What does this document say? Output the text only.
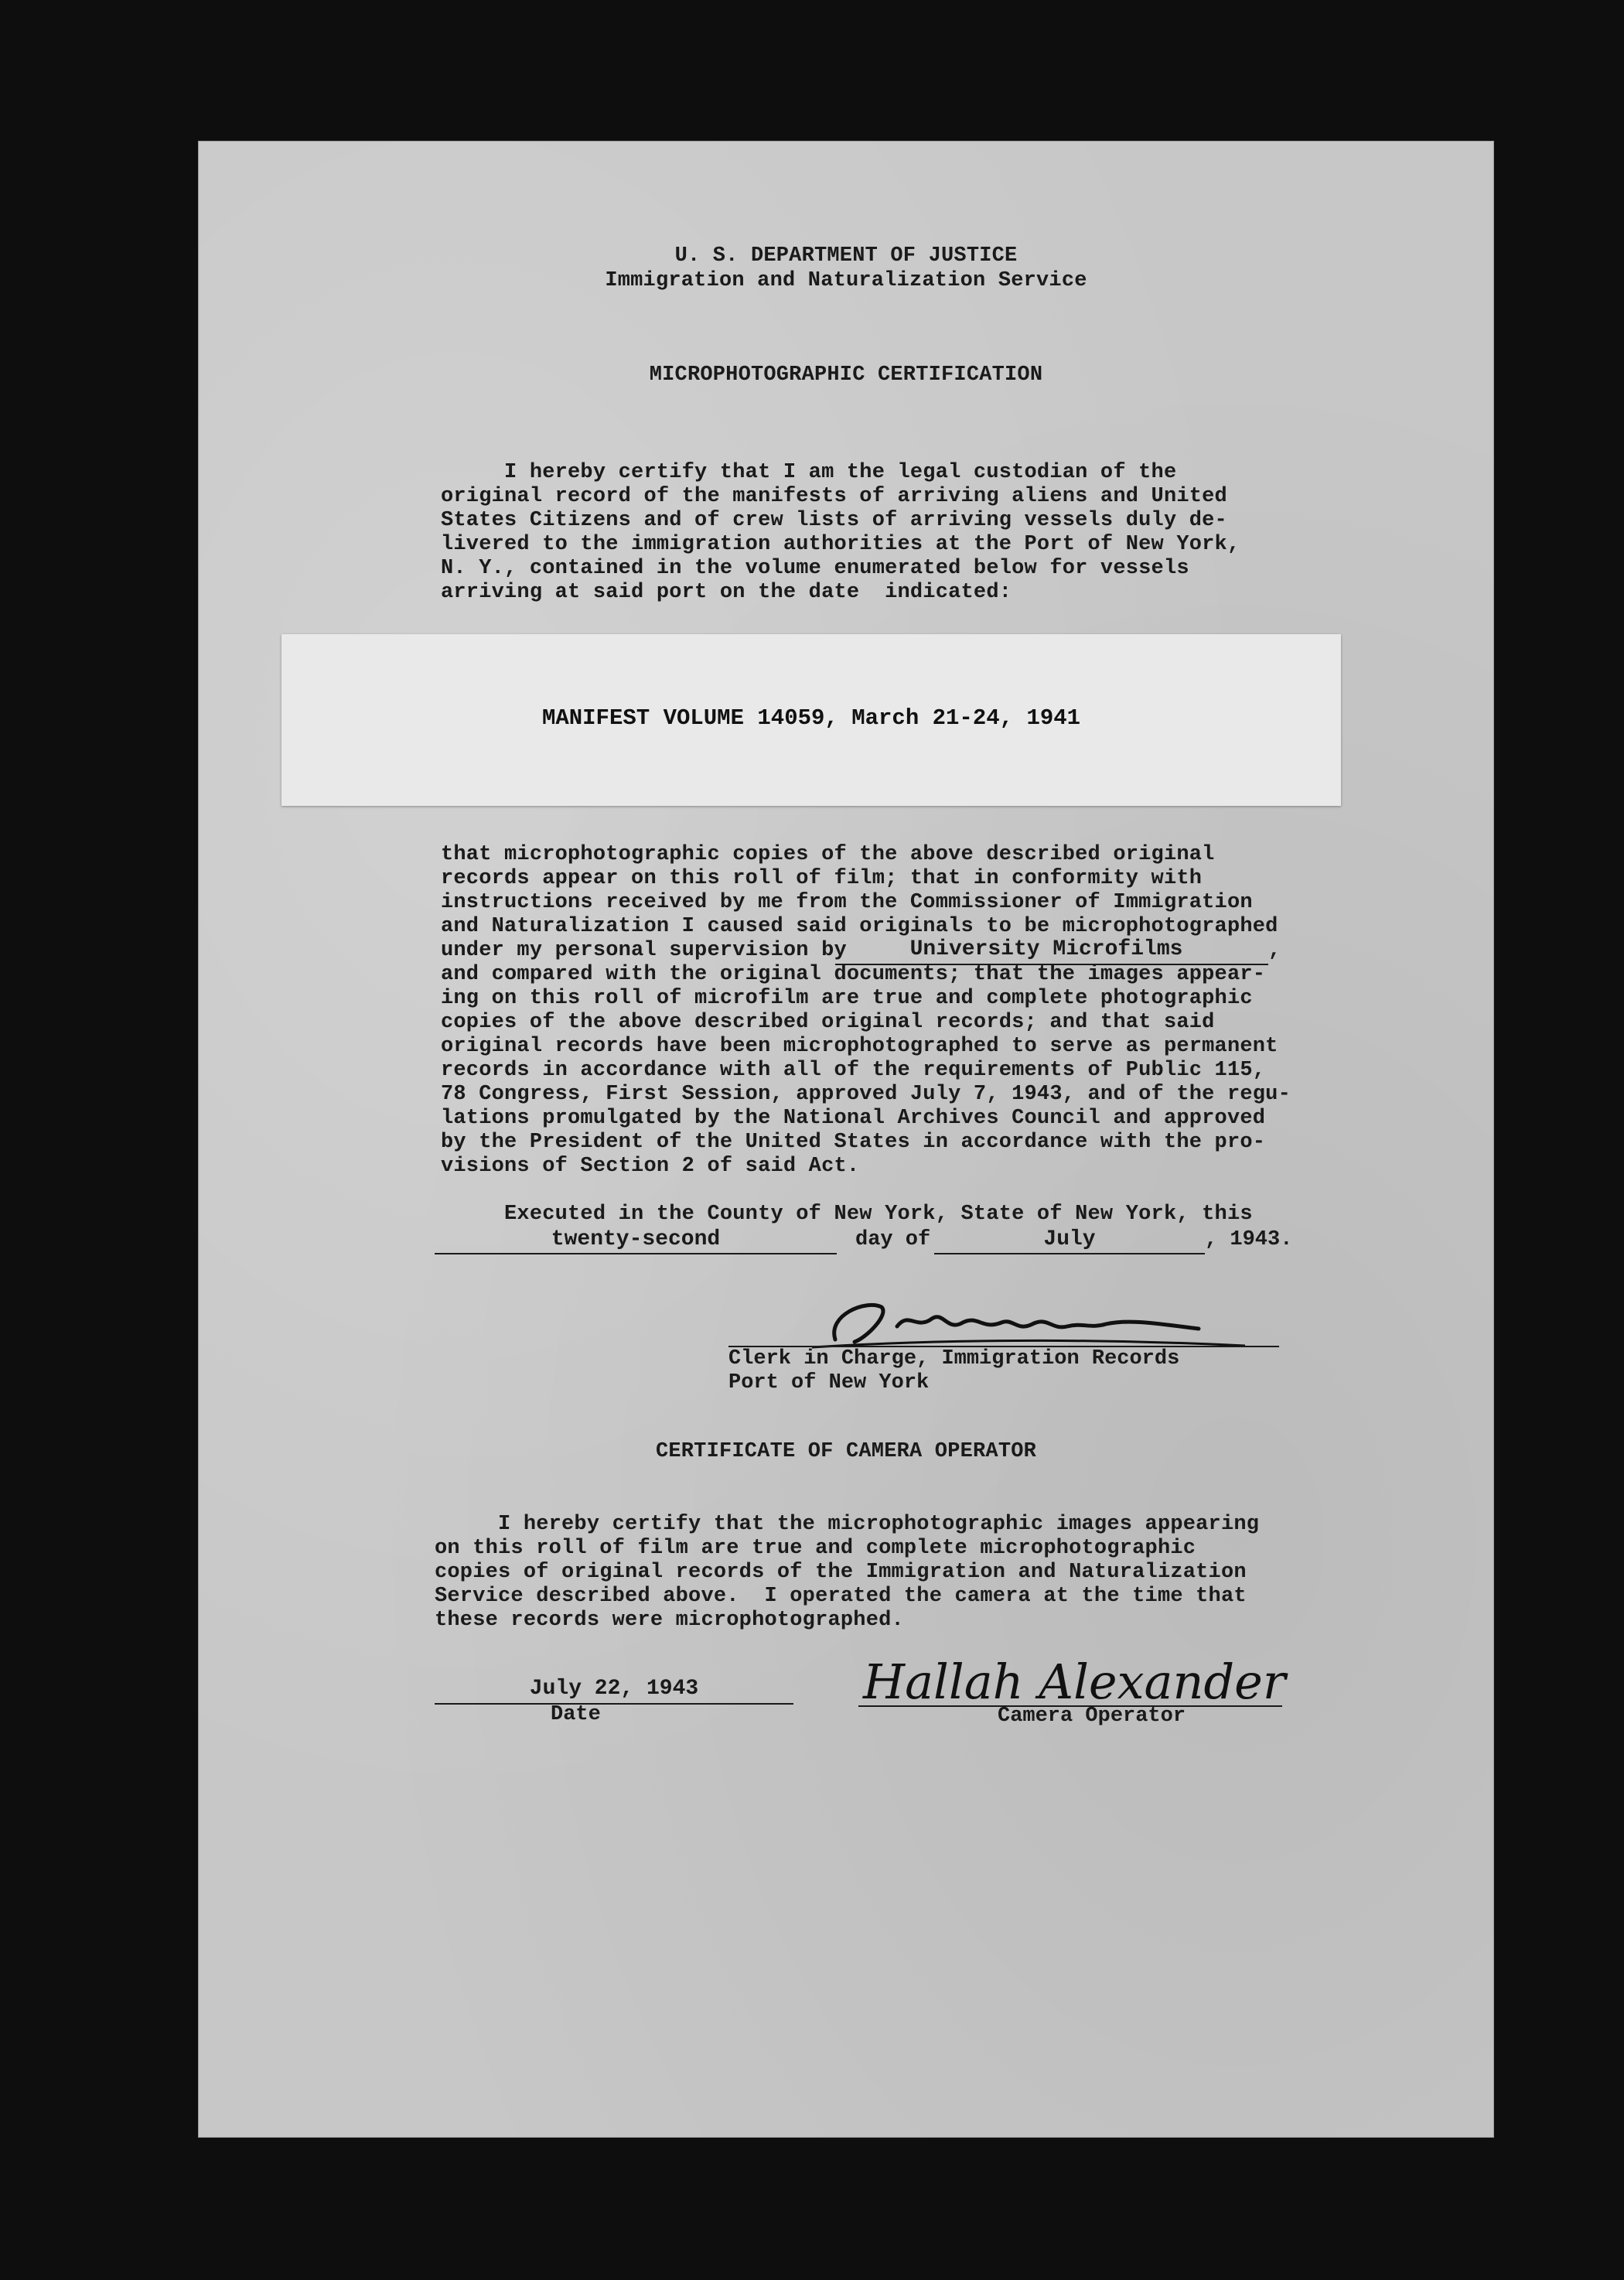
U. S. DEPARTMENT OF JUSTICE
Immigration and Naturalization Service
MICROPHOTOGRAPHIC CERTIFICATION
I hereby certify that I am the legal custodian of the
original record of the manifests of arriving aliens and United
States Citizens and of crew lists of arriving vessels duly de-
livered to the immigration authorities at the Port of New York,
N. Y., contained in the volume enumerated below for vessels
arriving at said port on the date  indicated:
MANIFEST VOLUME 14059, March 21-24, 1941
that microphotographic copies of the above described original
records appear on this roll of film; that in conformity with
instructions received by me from the Commissioner of Immigration
and Naturalization I caused said originals to be microphotographed
under my personal supervision by	University Microfilms	,
and compared with the original documents; that the images appear-
ing on this roll of microfilm are true and complete photographic
copies of the above described original records; and that said
original records have been microphotographed to serve as permanent
records in accordance with all of the requirements of Public 115,
78 Congress, First Session, approved July 7, 1943, and of the regu-
lations promulgated by the National Archives Council and approved
by the President of the United States in accordance with the pro-
visions of Section 2 of said Act.
Executed in the County of New York, State of New York, this
twenty-second	day of	July	, 1943.
Clerk in Charge, Immigration Records
Port of New York
CERTIFICATE OF CAMERA OPERATOR
I hereby certify that the microphotographic images appearing
on this roll of film are true and complete microphotographic
copies of original records of the Immigration and Naturalization
Service described above.  I operated the camera at the time that
these records were microphotographed.
July 22, 1943
Date
Hallah Alexander
Camera Operator
